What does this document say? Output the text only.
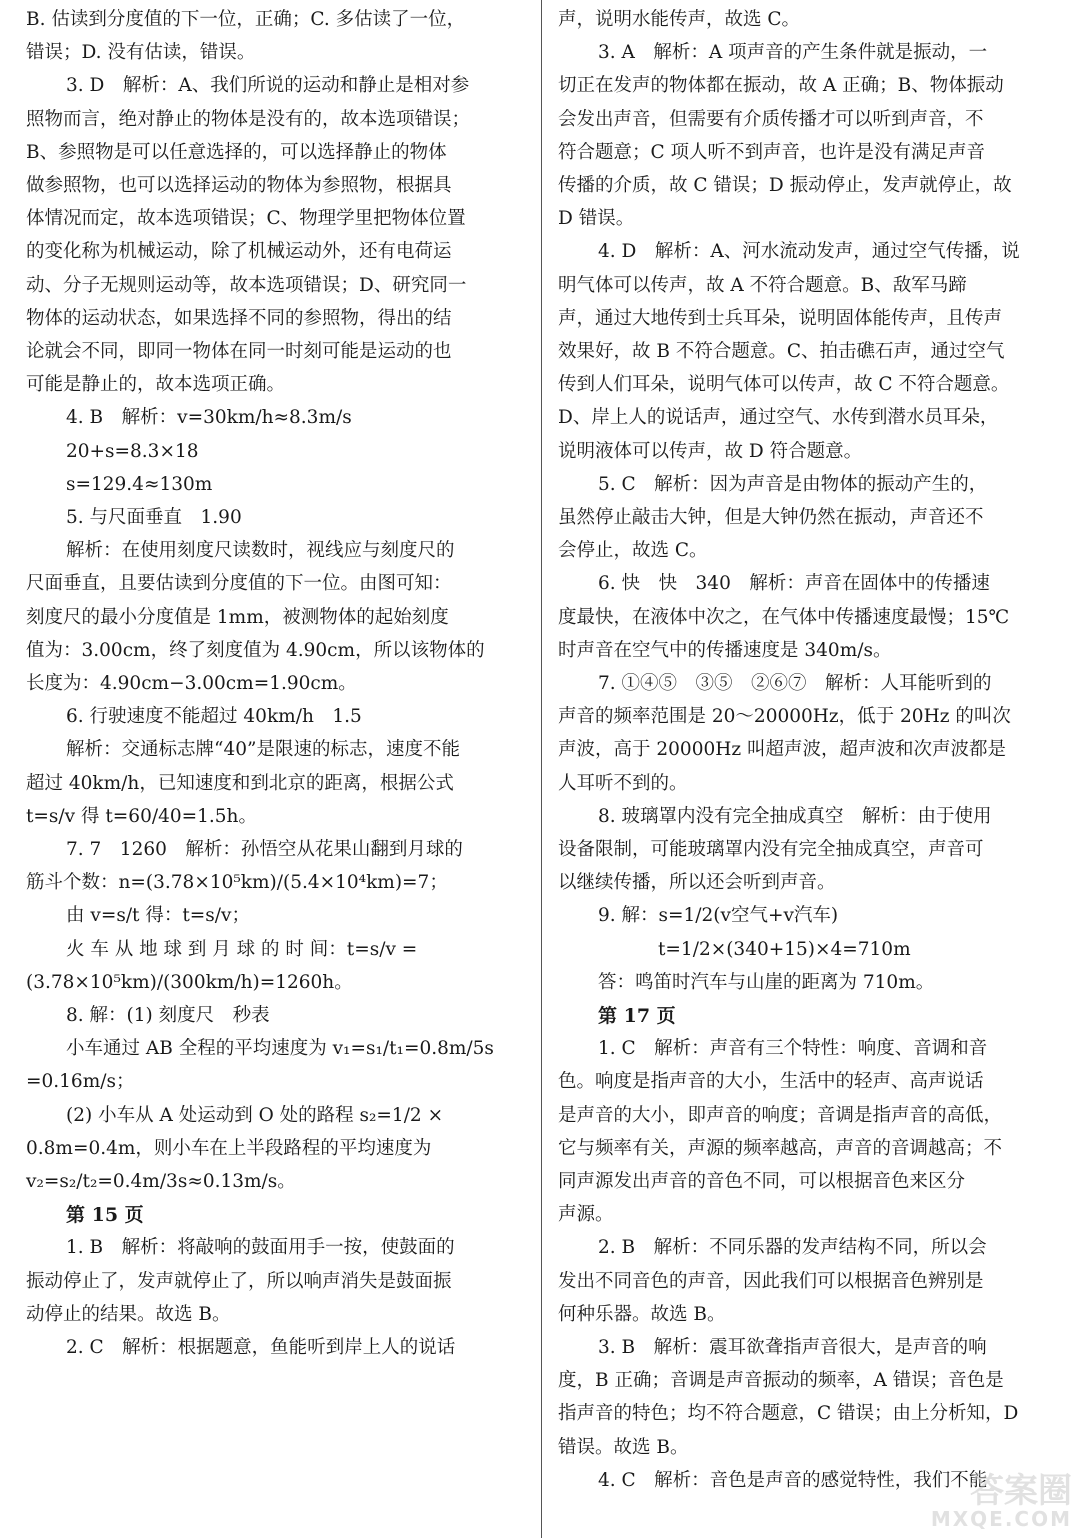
B. 估读到分度值的下一位，正确；C. 多估读了一位，
错误；D. 没有估读，错误。
3. D　解析：A、我们所说的运动和静止是相对参
照物而言，绝对静止的物体是没有的，故本选项错误；
B、参照物是可以任意选择的，可以选择静止的物体
做参照物，也可以选择运动的物体为参照物，根据具
体情况而定，故本选项错误；C、物理学里把物体位置
的变化称为机械运动，除了机械运动外，还有电荷运
动、分子无规则运动等，故本选项错误；D、研究同一
物体的运动状态，如果选择不同的参照物，得出的结
论就会不同，即同一物体在同一时刻可能是运动的也
可能是静止的，故本选项正确。
4. B　解析：v=30km/h≈8.3m/s
20+s=8.3×18
s=129.4≈130m
5. 与尺面垂直　1.90
解析：在使用刻度尺读数时，视线应与刻度尺的
尺面垂直，且要估读到分度值的下一位。由图可知：
刻度尺的最小分度值是 1mm，被测物体的起始刻度
值为：3.00cm，终了刻度值为 4.90cm，所以该物体的
长度为：4.90cm−3.00cm=1.90cm。
6. 行驶速度不能超过 40km/h　1.5
解析：交通标志牌“40”是限速的标志，速度不能
超过 40km/h，已知速度和到北京的距离，根据公式
t=s/v 得 t=60/40=1.5h。
7. 7　1260　解析：孙悟空从花果山翻到月球的
筋斗个数：n=(3.78×10⁵km)/(5.4×10⁴km)=7；
由 v=s/t 得：t=s/v；
火 车 从 地 球 到 月 球 的 时 间：t=s/v =
(3.78×10⁵km)/(300km/h)=1260h。
8. 解：(1) 刻度尺　秒表
小车通过 AB 全程的平均速度为 v₁=s₁/t₁=0.8m/5s
=0.16m/s；
(2) 小车从 A 处运动到 O 处的路程 s₂=1/2 ×
0.8m=0.4m，则小车在上半段路程的平均速度为
v₂=s₂/t₂=0.4m/3s≈0.13m/s。
第 15 页
1. B　解析：将敲响的鼓面用手一按，使鼓面的
振动停止了，发声就停止了，所以响声消失是鼓面振
动停止的结果。故选 B。
2. C　解析：根据题意，鱼能听到岸上人的说话
声，说明水能传声，故选 C。
3. A　解析：A 项声音的产生条件就是振动，一
切正在发声的物体都在振动，故 A 正确；B、物体振动
会发出声音，但需要有介质传播才可以听到声音，不
符合题意；C 项人听不到声音，也许是没有满足声音
传播的介质，故 C 错误；D 振动停止，发声就停止，故
D 错误。
4. D　解析：A、河水流动发声，通过空气传播，说
明气体可以传声，故 A 不符合题意。B、敌军马蹄
声，通过大地传到士兵耳朵，说明固体能传声，且传声
效果好，故 B 不符合题意。C、拍击礁石声，通过空气
传到人们耳朵，说明气体可以传声，故 C 不符合题意。
D、岸上人的说话声，通过空气、水传到潜水员耳朵，
说明液体可以传声，故 D 符合题意。
5. C　解析：因为声音是由物体的振动产生的，
虽然停止敲击大钟，但是大钟仍然在振动，声音还不
会停止，故选 C。
6. 快　快　340　解析：声音在固体中的传播速
度最快，在液体中次之，在气体中传播速度最慢；15℃
时声音在空气中的传播速度是 340m/s。
7. ①④⑤　③⑤　②⑥⑦　解析：人耳能听到的
声音的频率范围是 20～20000Hz，低于 20Hz 的叫次
声波，高于 20000Hz 叫超声波，超声波和次声波都是
人耳听不到的。
8. 玻璃罩内没有完全抽成真空　解析：由于使用
设备限制，可能玻璃罩内没有完全抽成真空，声音可
以继续传播，所以还会听到声音。
9. 解：s=1/2(v空气+v汽车)
t=1/2×(340+15)×4=710m
答：鸣笛时汽车与山崖的距离为 710m。
第 17 页
1. C　解析：声音有三个特性：响度、音调和音
色。响度是指声音的大小，生活中的轻声、高声说话
是声音的大小，即声音的响度；音调是指声音的高低，
它与频率有关，声源的频率越高，声音的音调越高；不
同声源发出声音的音色不同，可以根据音色来区分
声源。
2. B　解析：不同乐器的发声结构不同，所以会
发出不同音色的声音，因此我们可以根据音色辨别是
何种乐器。故选 B。
3. B　解析：震耳欲聋指声音很大，是声音的响
度，B 正确；音调是声音振动的频率，A 错误；音色是
指声音的特色；均不符合题意，C 错误；由上分析知，D
错误。故选 B。
4. C　解析：音色是声音的感觉特性，我们不能
答案圈
MXQE.COM
